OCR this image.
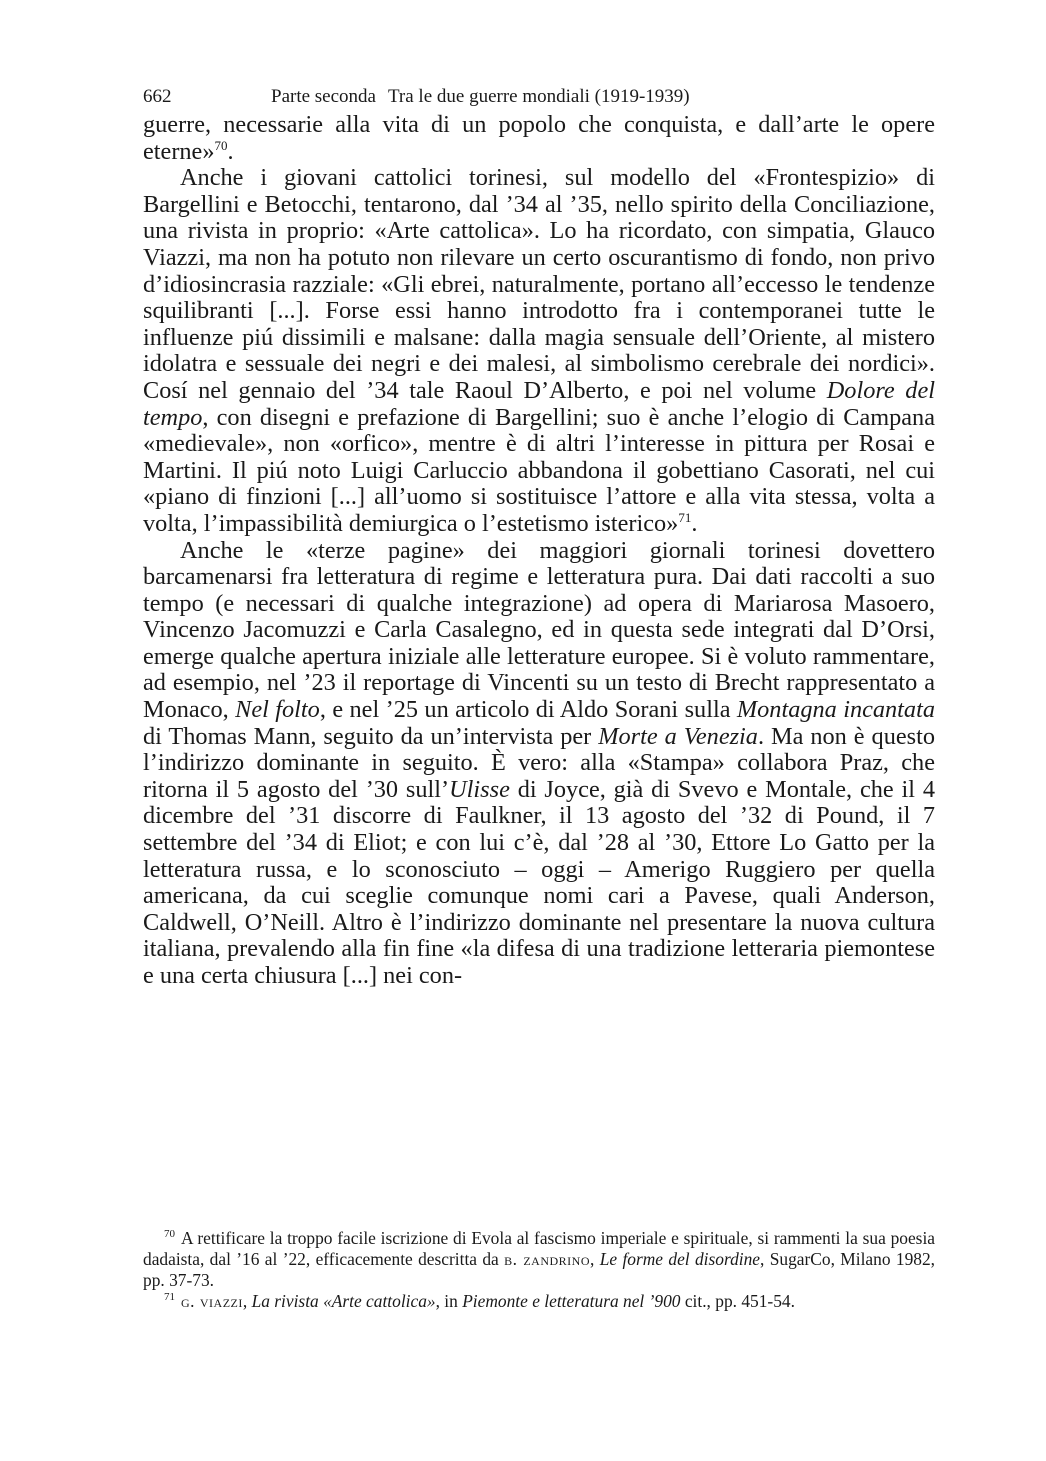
662	Parte seconda Tra le due guerre mondiali (1919-1939)

guerre, necessarie alla vita di un popolo che conquista, e dall’arte le opere eterne»$^{70}$.

Anche i giovani cattolici torinesi, sul modello del «Frontespizio» di Bargellini e Betocchi, tentarono, dal ’34 al ’35, nello spirito della Conciliazione, una rivista in proprio: «Arte cattolica». Lo ha ricordato, con simpatia, Glauco Viazzi, ma non ha potuto non rilevare un certo oscurantismo di fondo, non privo d’idiosincrasia razziale: «Gli ebrei, naturalmente, portano all’eccesso le tendenze squilibranti [...]. Forse essi hanno introdotto fra i contemporanei tutte le influenze piú dissimili e malsane: dalla magia sensuale dell’Oriente, al mistero idolatra e sessuale dei negri e dei malesi, al simbolismo cerebrale dei nordici». Cosí nel gennaio del ’34 tale Raoul D’Alberto, e poi nel volume Dolore del tempo, con disegni e prefazione di Bargellini; suo è anche l’elogio di Campana «medievale», non «orfico», mentre è di altri l’interesse in pittura per Rosai e Martini. Il piú noto Luigi Carluccio abbandona il gobettiano Casorati, nel cui «piano di finzioni [...] all’uomo si sostituisce l’attore e alla vita stessa, volta a volta, l’impassibilità demiurgica o l’estetismo isterico»$^{71}$.

Anche le «terze pagine» dei maggiori giornali torinesi dovettero barcamenarsi fra letteratura di regime e letteratura pura. Dai dati raccolti a suo tempo (e necessari di qualche integrazione) ad opera di Mariarosa Masoero, Vincenzo Jacomuzzi e Carla Casalegno, ed in questa sede integrati dal D’Orsi, emerge qualche apertura iniziale alle letterature europee. Si è voluto rammentare, ad esempio, nel ’23 il reportage di Vincenti su un testo di Brecht rappresentato a Monaco, Nel folto, e nel ’25 un articolo di Aldo Sorani sulla Montagna incantata di Thomas Mann, seguito da un’intervista per Morte a Venezia. Ma non è questo l’indirizzo dominante in seguito. È vero: alla «Stampa» collabora Praz, che ritorna il 5 agosto del ’30 sull’Ulisse di Joyce, già di Svevo e Montale, che il 4 dicembre del ’31 discorre di Faulkner, il 13 agosto del ’32 di Pound, il 7 settembre del ’34 di Eliot; e con lui c’è, dal ’28 al ’30, Ettore Lo Gatto per la letteratura russa, e lo sconosciuto – oggi – Amerigo Ruggiero per quella americana, da cui sceglie comunque nomi cari a Pavese, quali Anderson, Caldwell, O’Neill. Altro è l’indirizzo dominante nel presentare la nuova cultura italiana, prevalendo alla fin fine «la difesa di una tradizione letteraria piemontese e una certa chiusura [...] nei con-

$^{70}$ A rettificare la troppo facile iscrizione di Evola al fascismo imperiale e spirituale, si rammenti la sua poesia dadaista, dal ’16 al ’22, efficacemente descritta da b. zandrino, Le forme del disordine, SugarCo, Milano 1982, pp. 37-73.

$^{71}$ g. viazzi, La rivista «Arte cattolica», in Piemonte e letteratura nel ’900 cit., pp. 451-54.
